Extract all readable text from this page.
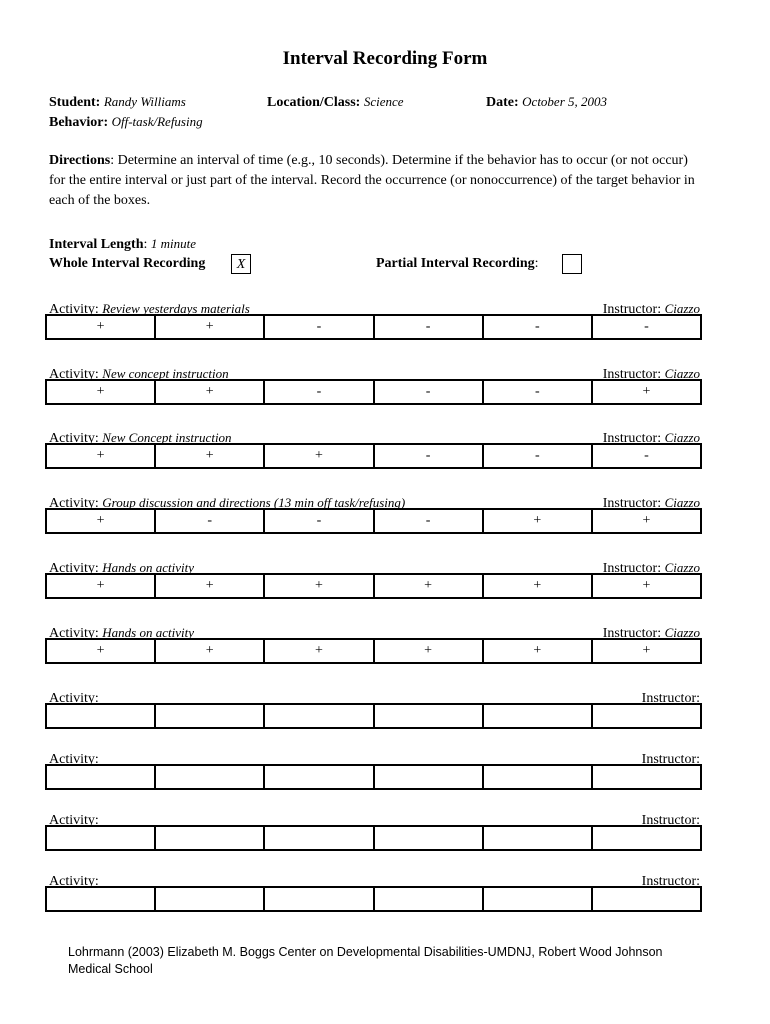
Interval Recording Form
Student: Randy Williams	Location/Class: Science	Date: October 5, 2003
Behavior: Off-task/Refusing
Directions: Determine an interval of time (e.g., 10 seconds). Determine if the behavior has to occur (or not occur) for the entire interval or just part of the interval. Record the occurrence (or nonoccurrence) of the target behavior in each of the boxes.
Interval Length: 1 minute
Whole Interval Recording	X	Partial Interval Recording:
Activity: Review yesterdays materials	Instructor: Ciazzo
+	+	-	-	-	-
Activity: New concept instruction	Instructor: Ciazzo
+	+	-	-	-	+
Activity: New Concept instruction	Instructor: Ciazzo
+	+	+	-	-	-
Activity: Group discussion and directions (13 min off task/refusing)	Instructor: Ciazzo
+	-	-	-	+	+
Activity: Hands on activity	Instructor: Ciazzo
+	+	+	+	+	+
Activity: Hands on activity	Instructor: Ciazzo
+	+	+	+	+	+
Activity:	Instructor:
Activity:	Instructor:
Activity:	Instructor:
Activity:	Instructor:
Lohrmann (2003) Elizabeth M. Boggs Center on Developmental Disabilities-UMDNJ, Robert Wood Johnson Medical School
